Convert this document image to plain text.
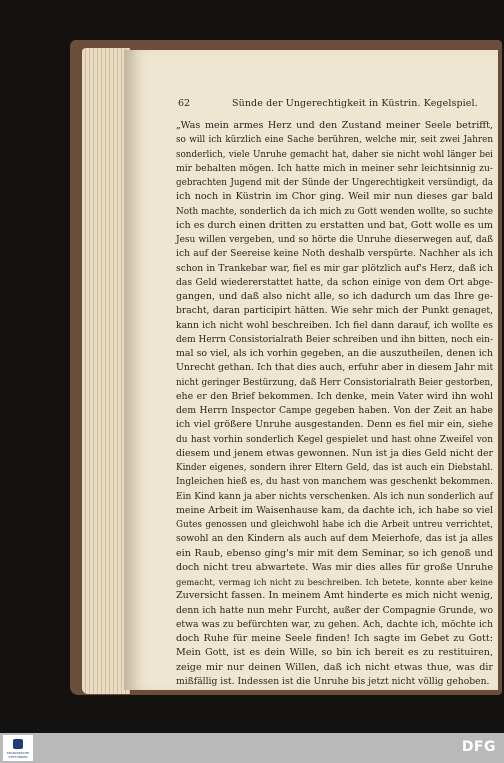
62	Sünde der Ungerechtigkeit in Küstrin. Kegelspiel.
„Was mein armes Herz und den Zustand meiner Seele betrifft,
so will ich kürzlich eine Sache berühren, welche mir, seit zwei Jahren
sonderlich, viele Unruhe gemacht hat, daher sie nicht wohl länger bei
mir behalten mögen. Ich hatte mich in meiner sehr leichtsinnig zu-
gebrachten Jugend mit der Sünde der Ungerechtigkeit versündigt, da
ich noch in Küstrin im Chor ging. Weil mir nun dieses gar bald
Noth machte, sonderlich da ich mich zu Gott wenden wollte, so suchte
ich es durch einen dritten zu erstatten und bat, Gott wolle es um
Jesu willen vergeben, und so hörte die Unruhe dieserwegen auf, daß
ich auf der Seereise keine Noth deshalb verspürte. Nachher als ich
schon in Trankebar war, fiel es mir gar plötzlich auf's Herz, daß ich
das Geld wiedererstattet hatte, da schon einige von dem Ort abge-
gangen, und daß also nicht alle, so ich dadurch um das Ihre ge-
bracht, daran participirt hätten. Wie sehr mich der Punkt genaget,
kann ich nicht wohl beschreiben. Ich fiel dann darauf, ich wollte es
dem Herrn Consistorialrath Beier schreiben und ihn bitten, noch ein-
mal so viel, als ich vorhin gegeben, an die auszutheilen, denen ich
Unrecht gethan. Ich that dies auch, erfuhr aber in diesem Jahr mit
nicht geringer Bestürzung, daß Herr Consistorialrath Beier gestorben,
ehe er den Brief bekommen. Ich denke, mein Vater wird ihn wohl
dem Herrn Inspector Campe gegeben haben. Von der Zeit an habe
ich viel größere Unruhe ausgestanden. Denn es fiel mir ein, siehe
du hast vorhin sonderlich Kegel gespielet und hast ohne Zweifel von
diesem und jenem etwas gewonnen. Nun ist ja dies Geld nicht der
Kinder eigenes, sondern ihrer Eltern Geld, das ist auch ein Diebstahl.
Ingleichen hieß es, du hast von manchem was geschenkt bekommen.
Ein Kind kann ja aber nichts verschenken. Als ich nun sonderlich auf
meine Arbeit im Waisenhause kam, da dachte ich, ich habe so viel
Gutes genossen und gleichwohl habe ich die Arbeit untreu verrichtet,
sowohl an den Kindern als auch auf dem Meierhofe, das ist ja alles
ein Raub, ebenso ging's mir mit dem Seminar, so ich genoß und
doch nicht treu abwartete. Was mir dies alles für große Unruhe
gemacht, vermag ich nicht zu beschreiben. Ich betete, konnte aber keine
Zuversicht fassen. In meinem Amt hinderte es mich nicht wenig,
denn ich hatte nun mehr Furcht, außer der Compagnie Grunde, wo
etwa was zu befürchten war, zu gehen. Ach, dachte ich, möchte ich
doch Ruhe für meine Seele finden! Ich sagte im Gebet zu Gott:
Mein Gott, ist es dein Wille, so bin ich bereit es zu restituiren,
zeige mir nur deinen Willen, daß ich nicht etwas thue, was dir
mißfällig ist. Indessen ist die Unruhe bis jetzt nicht völlig gehoben.
FRANCKESCHE STIFTUNGEN
DFG
